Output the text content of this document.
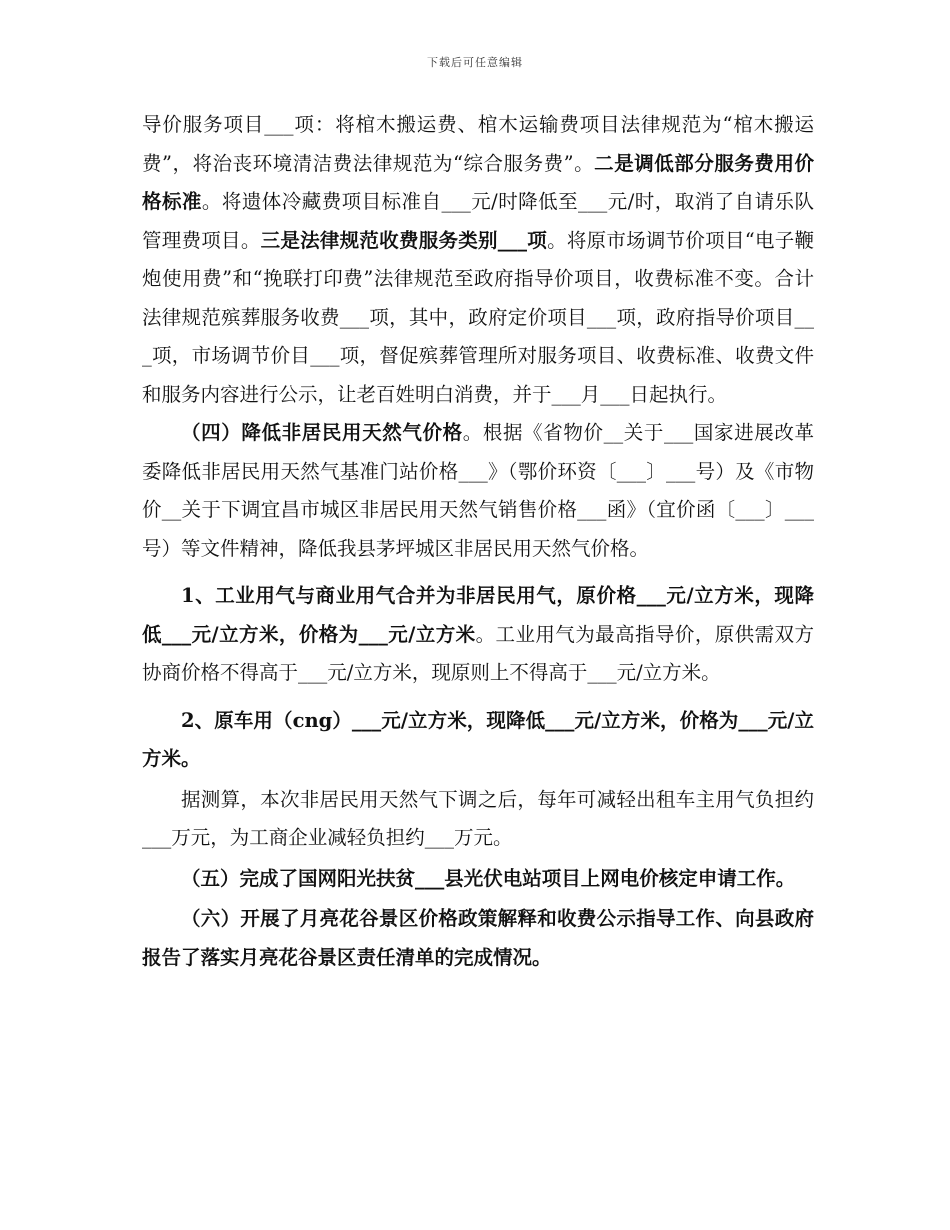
下载后可任意编辑

导价服务项目___项：将棺木搬运费、棺木运输费项目法律规范为“棺木搬运费”，将治丧环境清洁费法律规范为“综合服务费”。二是调低部分服务费用价格标准。将遗体冷藏费项目标准自___元/时降低至___元/时，取消了自请乐队管理费项目。三是法律规范收费服务类别___项。将原市场调节价项目“电子鞭炮使用费”和“挽联打印费”法律规范至政府指导价项目，收费标准不变。合计法律规范殡葬服务收费___项，其中，政府定价项目___项，政府指导价项目___项，市场调节价目___项，督促殡葬管理所对服务项目、收费标准、收费文件和服务内容进行公示，让老百姓明白消费，并于___月___日起执行。

（四）降低非居民用天然气价格。根据《省物价__关于___国家进展改革委降低非居民用天然气基准门站价格___》（鄂价环资〔___〕___号）及《市物价__关于下调宜昌市城区非居民用天然气销售价格___函》（宜价函〔___〕___号）等文件精神，降低我县茅坪城区非居民用天然气价格。

1、工业用气与商业用气合并为非居民用气，原价格___元/立方米，现降低___元/立方米，价格为___元/立方米。工业用气为最高指导价，原供需双方协商价格不得高于___元/立方米，现原则上不得高于___元/立方米。

2、原车用（cng）___元/立方米，现降低___元/立方米，价格为___元/立方米。

据测算，本次非居民用天然气下调之后，每年可减轻出租车主用气负担约___万元，为工商企业减轻负担约___万元。

（五）完成了国网阳光扶贫___县光伏电站项目上网电价核定申请工作。

（六）开展了月亮花谷景区价格政策解释和收费公示指导工作、向县政府报告了落实月亮花谷景区责任清单的完成情况。
